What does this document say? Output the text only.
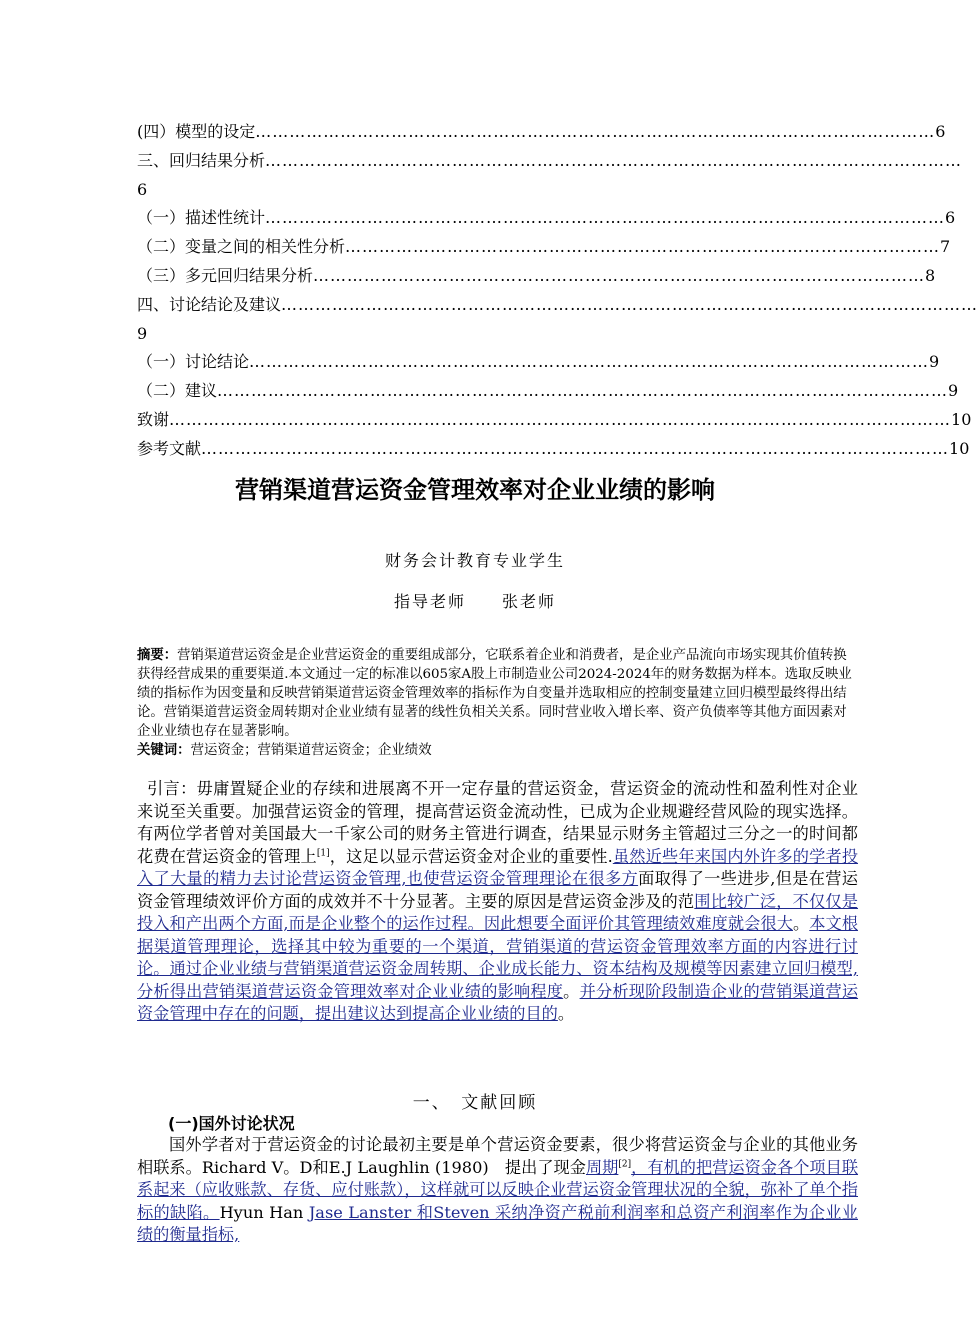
(四）模型的设定 ………………………………………………………………………………………………………… 6
三、回归结果分析 ……………………………………………………………………………………………………………
6
（一）描述性统计 ………………………………………………………………………………………………………… 6
（二）变量之间的相关性分析 …………………………………………………………………………………………… 7
（三）多元回归结果分析 ……………………………………………………………………………………………… 8
四、讨论结论及建议 ……………………………………………………………………………………………………………
9
（一）讨论结论 ………………………………………………………………………………………………………… 9
（二）建议 ………………………………………………………………………………………………………………… 9
致谢 ………………………………………………………………………………………………………………………… 10
参考文献 …………………………………………………………………………………………………………………… 10
营销渠道营运资金管理效率对企业业绩的影响
财务会计教育专业学生
指导老师　　张老师
摘要：营销渠道营运资金是企业营运资金的重要组成部分，它联系着企业和消费者，是企业产品流向市场实现其价值转换获得经营成果的重要渠道.本文通过一定的标准以605家A股上市制造业公司2024-2024年的财务数据为样本。选取反映业绩的指标作为因变量和反映营销渠道营运资金管理效率的指标作为自变量并选取相应的控制变量建立回归模型最终得出结论。营销渠道营运资金周转期对企业业绩有显著的线性负相关关系。同时营业收入增长率、资产负债率等其他方面因素对企业业绩也存在显著影响。
关键词：营运资金；营销渠道营运资金；企业绩效
引言：毋庸置疑企业的存续和进展离不开一定存量的营运资金，营运资金的流动性和盈利性对企业来说至关重要。加强营运资金的管理，提高营运资金流动性，已成为企业规避经营风险的现实选择。有两位学者曾对美国最大一千家公司的财务主管进行调查，结果显示财务主管超过三分之一的时间都花费在营运资金的管理上[1]，这足以显示营运资金对企业的重要性.虽然近些年来国内外许多的学者投入了大量的精力去讨论营运资金管理,也使营运资金管理理论在很多方面取得了一些进步,但是在营运资金管理绩效评价方面的成效并不十分显著。主要的原因是营运资金涉及的范围比较广泛，不仅仅是投入和产出两个方面,而是企业整个的运作过程。因此想要全面评价其管理绩效难度就会很大。本文根据渠道管理理论，选择其中较为重要的一个渠道，营销渠道的营运资金管理效率方面的内容进行讨论。通过企业业绩与营销渠道营运资金周转期、企业成长能力、资本结构及规模等因素建立回归模型,分析得出营销渠道营运资金管理效率对企业业绩的影响程度。并分析现阶段制造企业的营销渠道营运资金管理中存在的问题，提出建议达到提高企业业绩的目的。
一、　文献回顾
(一)国外讨论状况
国外学者对于营运资金的讨论最初主要是单个营运资金要素，很少将营运资金与企业的其他业务相联系。Richard V。D和E.J Laughlin (1980)　提出了现金周期[2]，有机的把营运资金各个项目联系起来（应收账款、存货、应付账款），这样就可以反映企业营运资金管理状况的全貌，弥补了单个指标的缺陷。Hyun Han Jase Lanster 和Steven 采纳净资产税前利润率和总资产利润率作为企业业绩的衡量指标,
